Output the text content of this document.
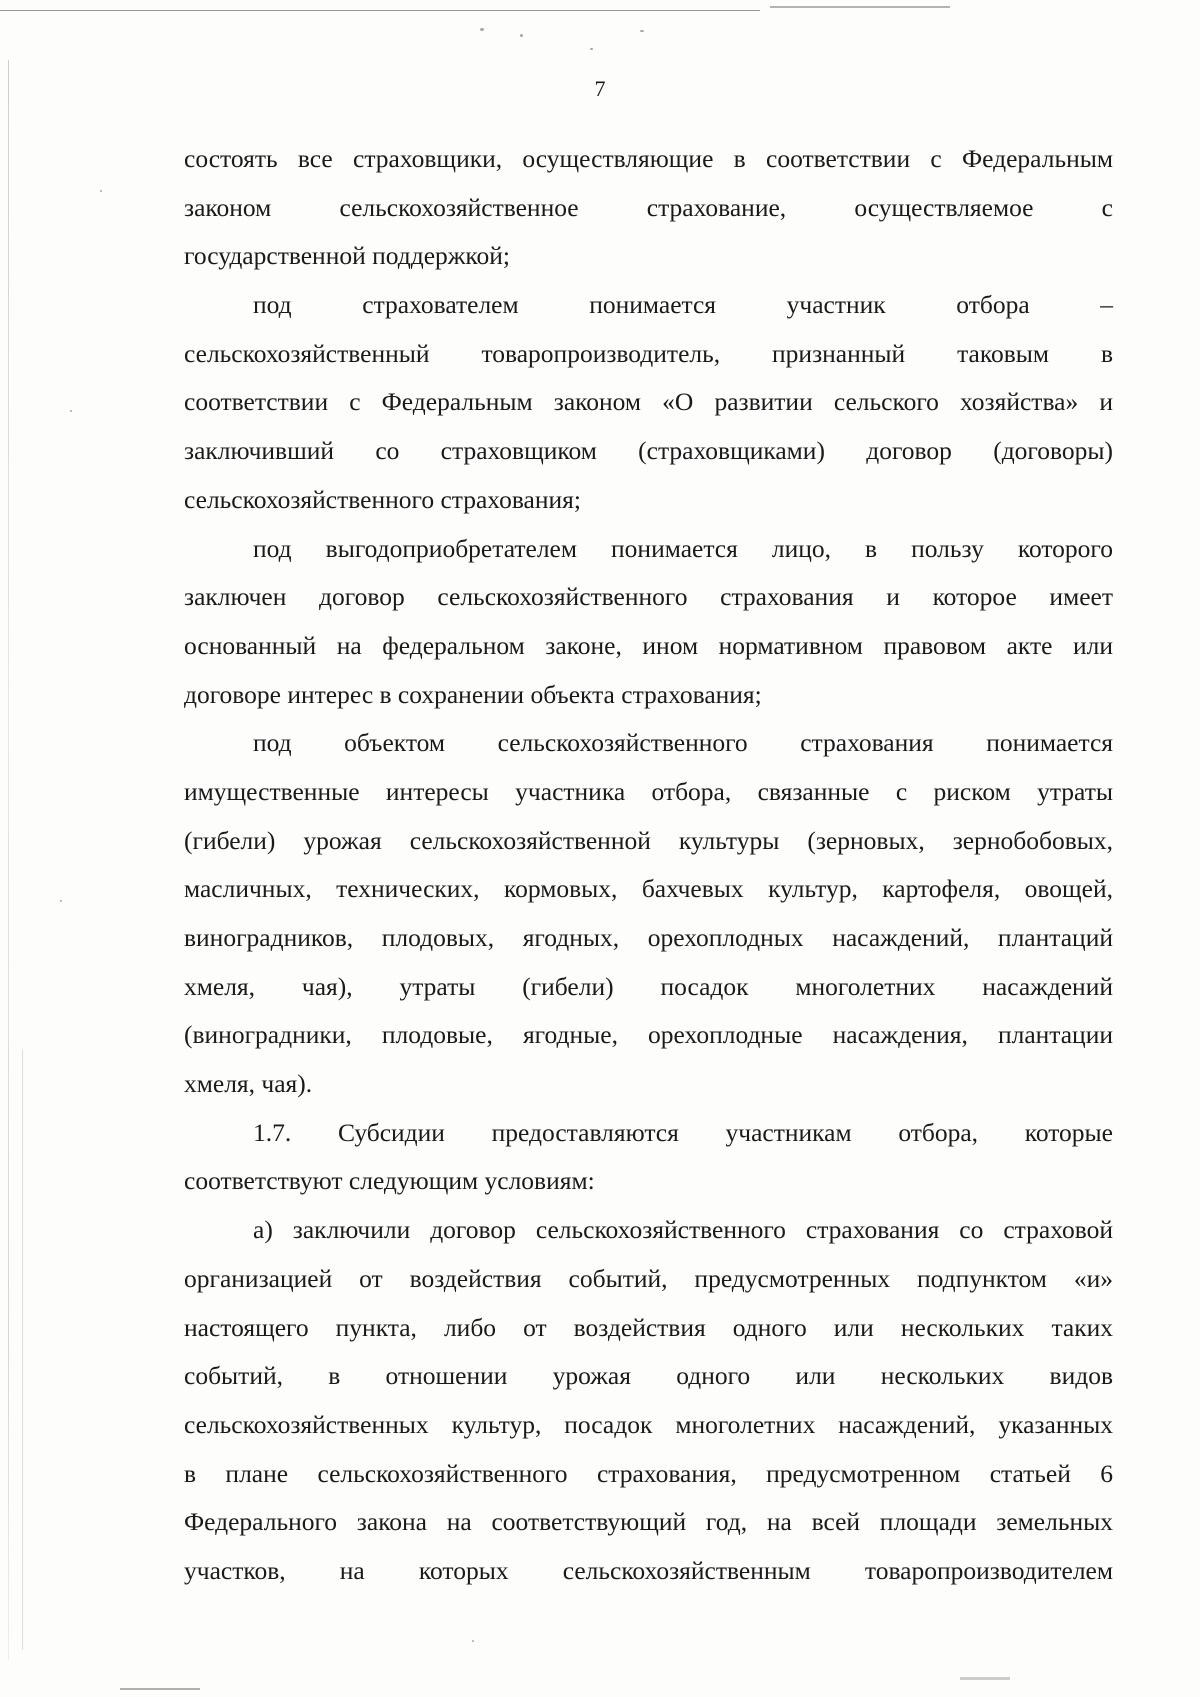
7
состоять все страховщики, осуществляющие в соответствии с Федеральным
законом сельскохозяйственное страхование, осуществляемое с
государственной поддержкой;
под страхователем понимается участник отбора –
сельскохозяйственный товаропроизводитель, признанный таковым в
соответствии с Федеральным законом «О развитии сельского хозяйства» и
заключивший со страховщиком (страховщиками) договор (договоры)
сельскохозяйственного страхования;
под выгодоприобретателем понимается лицо, в пользу которого
заключен договор сельскохозяйственного страхования и которое имеет
основанный на федеральном законе, ином нормативном правовом акте или
договоре интерес в сохранении объекта страхования;
под объектом сельскохозяйственного страхования понимается
имущественные интересы участника отбора, связанные с риском утраты
(гибели) урожая сельскохозяйственной культуры (зерновых, зернобобовых,
масличных, технических, кормовых, бахчевых культур, картофеля, овощей,
виноградников, плодовых, ягодных, орехоплодных насаждений, плантаций
хмеля, чая), утраты (гибели) посадок многолетних насаждений
(виноградники, плодовые, ягодные, орехоплодные насаждения, плантации
хмеля, чая).
1.7. Субсидии предоставляются участникам отбора, которые
соответствуют следующим условиям:
а) заключили договор сельскохозяйственного страхования со страховой
организацией от воздействия событий, предусмотренных подпунктом «и»
настоящего пункта, либо от воздействия одного или нескольких таких
событий, в отношении урожая одного или нескольких видов
сельскохозяйственных культур, посадок многолетних насаждений, указанных
в плане сельскохозяйственного страхования, предусмотренном статьей 6
Федерального закона на соответствующий год, на всей площади земельных
участков, на которых сельскохозяйственным товаропроизводителем
